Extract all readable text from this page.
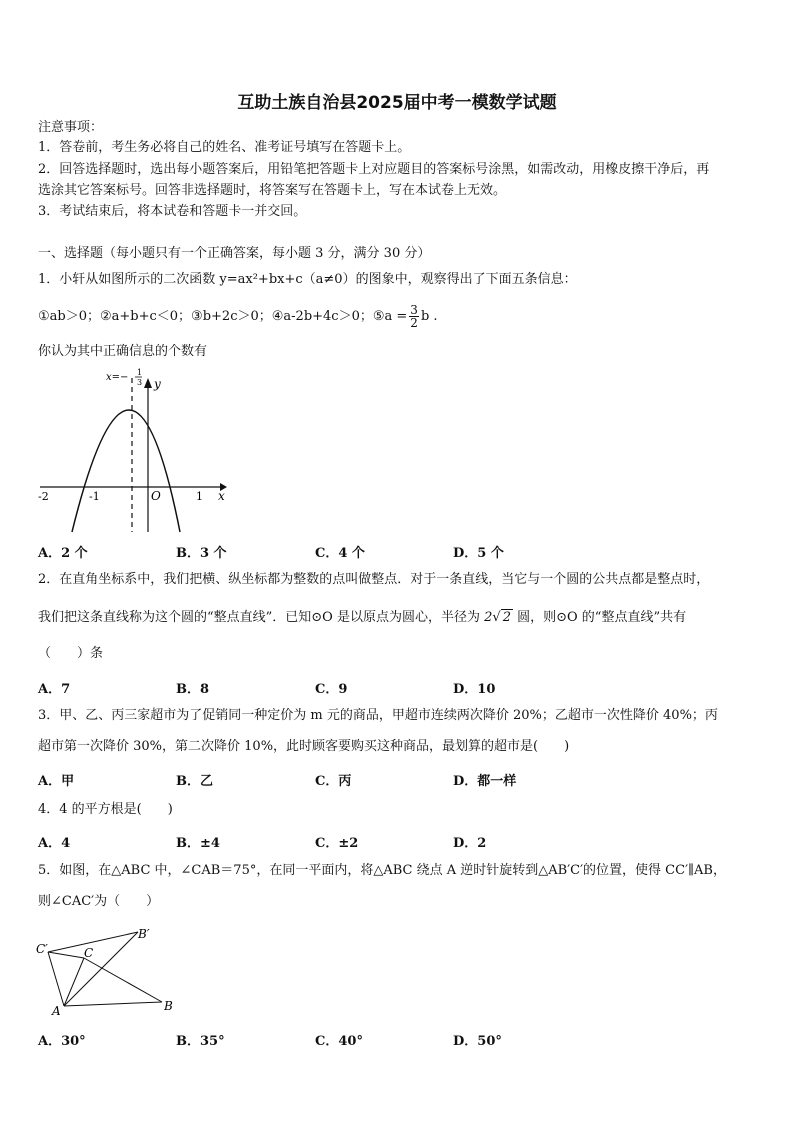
互助土族自治县2025届中考一模数学试题
注意事项：
1．答卷前，考生务必将自己的姓名、准考证号填写在答题卡上。
2．回答选择题时，选出每小题答案后，用铅笔把答题卡上对应题目的答案标号涂黑，如需改动，用橡皮擦干净后，再
选涂其它答案标号。回答非选择题时，将答案写在答题卡上，写在本试卷上无效。
3．考试结束后，将本试卷和答题卡一并交回。
一、选择题（每小题只有一个正确答案，每小题 3 分，满分 30 分）
1．小轩从如图所示的二次函数 y=ax²+bx+c（a≠0）的图象中，观察得出了下面五条信息：
①ab＞0；②a+b+c＜0；③b+2c＞0；④a-2b+4c＞0；⑤a = $\frac{3}{2}$ b .
你认为其中正确信息的个数有
-2	-1	1
O	x
y
x=− 1
3
A．2 个	B．3 个	C．4 个	D．5 个
2．在直角坐标系中，我们把横、纵坐标都为整数的点叫做整点．对于一条直线，当它与一个圆的公共点都是整点时，
我们把这条直线称为这个圆的“整点直线”．已知⊙O 是以原点为圆心，半径为 2√ 2 圆，则⊙O 的“整点直线”共有
（　　）条
A．7	B．8	C．9	D．10
3．甲、乙、丙三家超市为了促销同一种定价为 m 元的商品，甲超市连续两次降价 20%；乙超市一次性降价 40%；丙
超市第一次降价 30%，第二次降价 10%，此时顾客要购买这种商品，最划算的超市是(　　)
A．甲	B．乙	C．丙	D．都一样
4．4 的平方根是(　　)
A．4	B．±4	C．±2	D．2
5．如图，在△ABC 中，∠CAB＝75°，在同一平面内，将△ABC 绕点 A 逆时针旋转到△AB′C′的位置，使得 CC′∥AB，
则∠CAC′为（　　）
C′	C
B′
A	B
A．30°	B．35°	C．40°	D．50°
